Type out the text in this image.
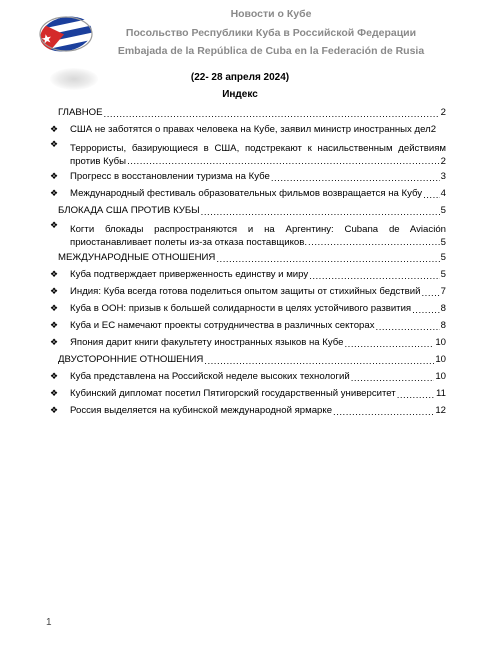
Новости о Кубе
Посольство Республики Куба в Российской Федерации
Embajada de la República de Cuba en la Federación de Rusia
(22- 28 апреля 2024)
Индекс
ГЛАВНОЕ .....	2
❖ США не заботятся о правах человека на Кубе, заявил министр иностранных дел 2
❖ Террористы, базирующиеся в США, подстрекают к насильственным действиям
против Кубы .....	2
❖ Прогресс в восстановлении туризма на Кубе .....	3
❖ Международный фестиваль образовательных фильмов возвращается на Кубу ..... 4
БЛОКАДА США ПРОТИВ КУБЫ .....	5
❖ Когти блокады распространяются и на Аргентину: Cubana de Aviación
приостанавливает полеты из-за отказа поставщиков. .....	5
МЕЖДУНАРОДНЫЕ ОТНОШЕНИЯ .....	5
❖ Куба подтверждает приверженность единству и миру .....	5
❖ Индия: Куба всегда готова поделиться опытом защиты от стихийных бедствий ..... 7
❖ Куба в ООН: призыв к большей солидарности в целях устойчивого развития .....	8
❖ Куба и ЕС намечают проекты сотрудничества в различных секторах .....	8
❖ Япония дарит книги факультету иностранных языков на Кубе .....	10
ДВУСТОРОННИЕ ОТНОШЕНИЯ .....	10
❖ Куба представлена на Российской неделе высоких технологий .....	10
❖ Кубинский дипломат посетил Пятигорский государственный университет .....	11
❖ Россия выделяется на кубинской международной ярмарке .....	12
1
